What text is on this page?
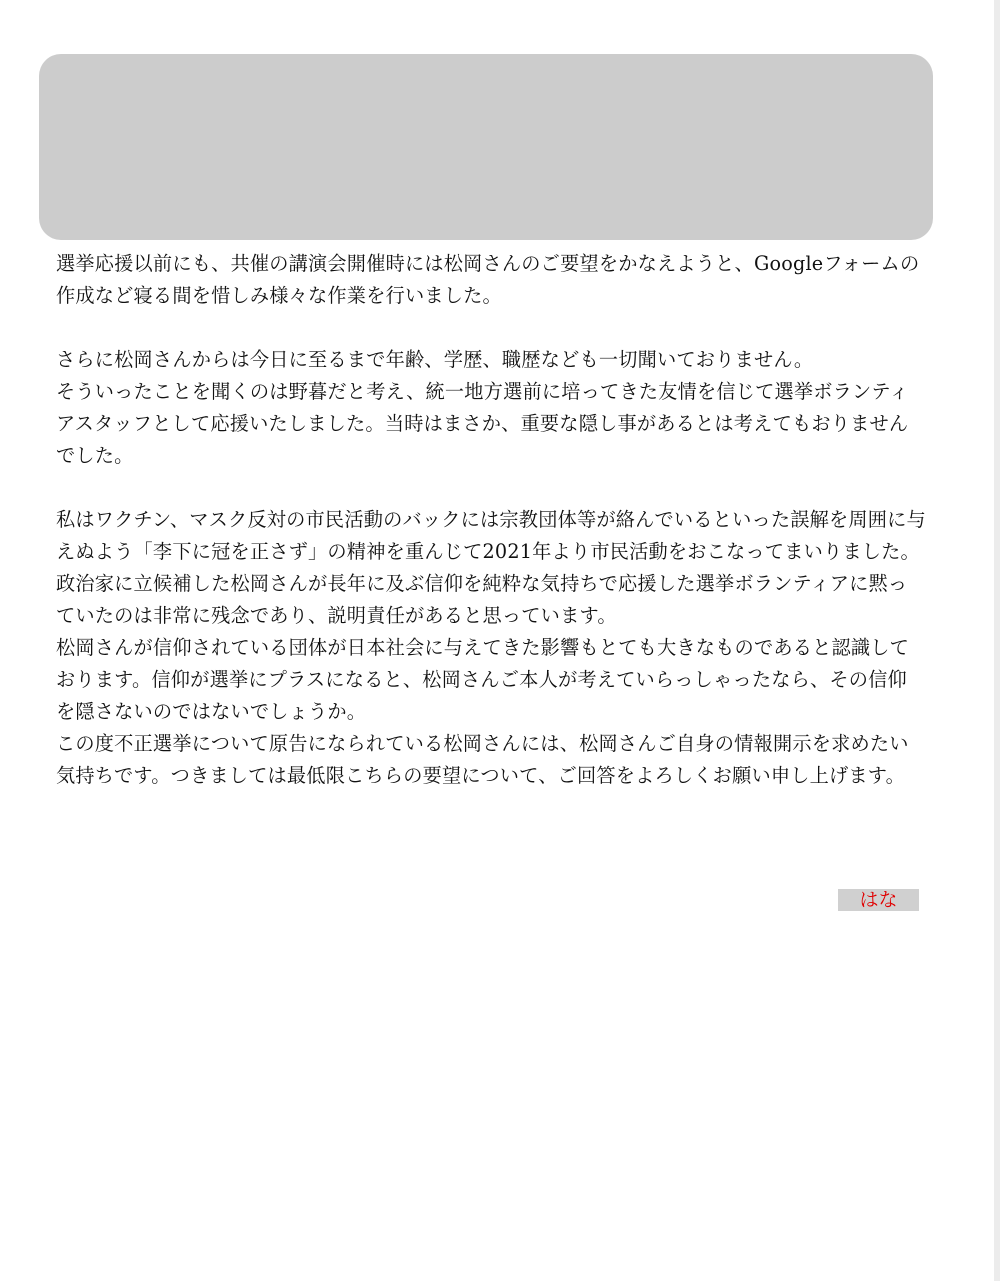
選挙応援以前にも、共催の講演会開催時には松岡さんのご要望をかなえようと、Googleフォームの作成など寝る間を惜しみ様々な作業を行いました。

さらに松岡さんからは今日に至るまで年齢、学歴、職歴なども一切聞いておりません。

そういったことを聞くのは野暮だと考え、統一地方選前に培ってきた友情を信じて選挙ボランティアスタッフとして応援いたしました。当時はまさか、重要な隠し事があるとは考えてもおりませんでした。

私はワクチン、マスク反対の市民活動のバックには宗教団体等が絡んでいるといった誤解を周囲に与えぬよう「李下に冠を正さず」の精神を重んじて2021年より市民活動をおこなってまいりました。

政治家に立候補した松岡さんが長年に及ぶ信仰を純粋な気持ちで応援した選挙ボランティアに黙っていたのは非常に残念であり、説明責任があると思っています。

松岡さんが信仰されている団体が日本社会に与えてきた影響もとても大きなものであると認識しております。信仰が選挙にプラスになると、松岡さんご本人が考えていらっしゃったなら、その信仰を隠さないのではないでしょうか。

この度不正選挙について原告になられている松岡さんには、松岡さんご自身の情報開示を求めたい気持ちです。つきましては最低限こちらの要望について、ご回答をよろしくお願い申し上げます。

はな
